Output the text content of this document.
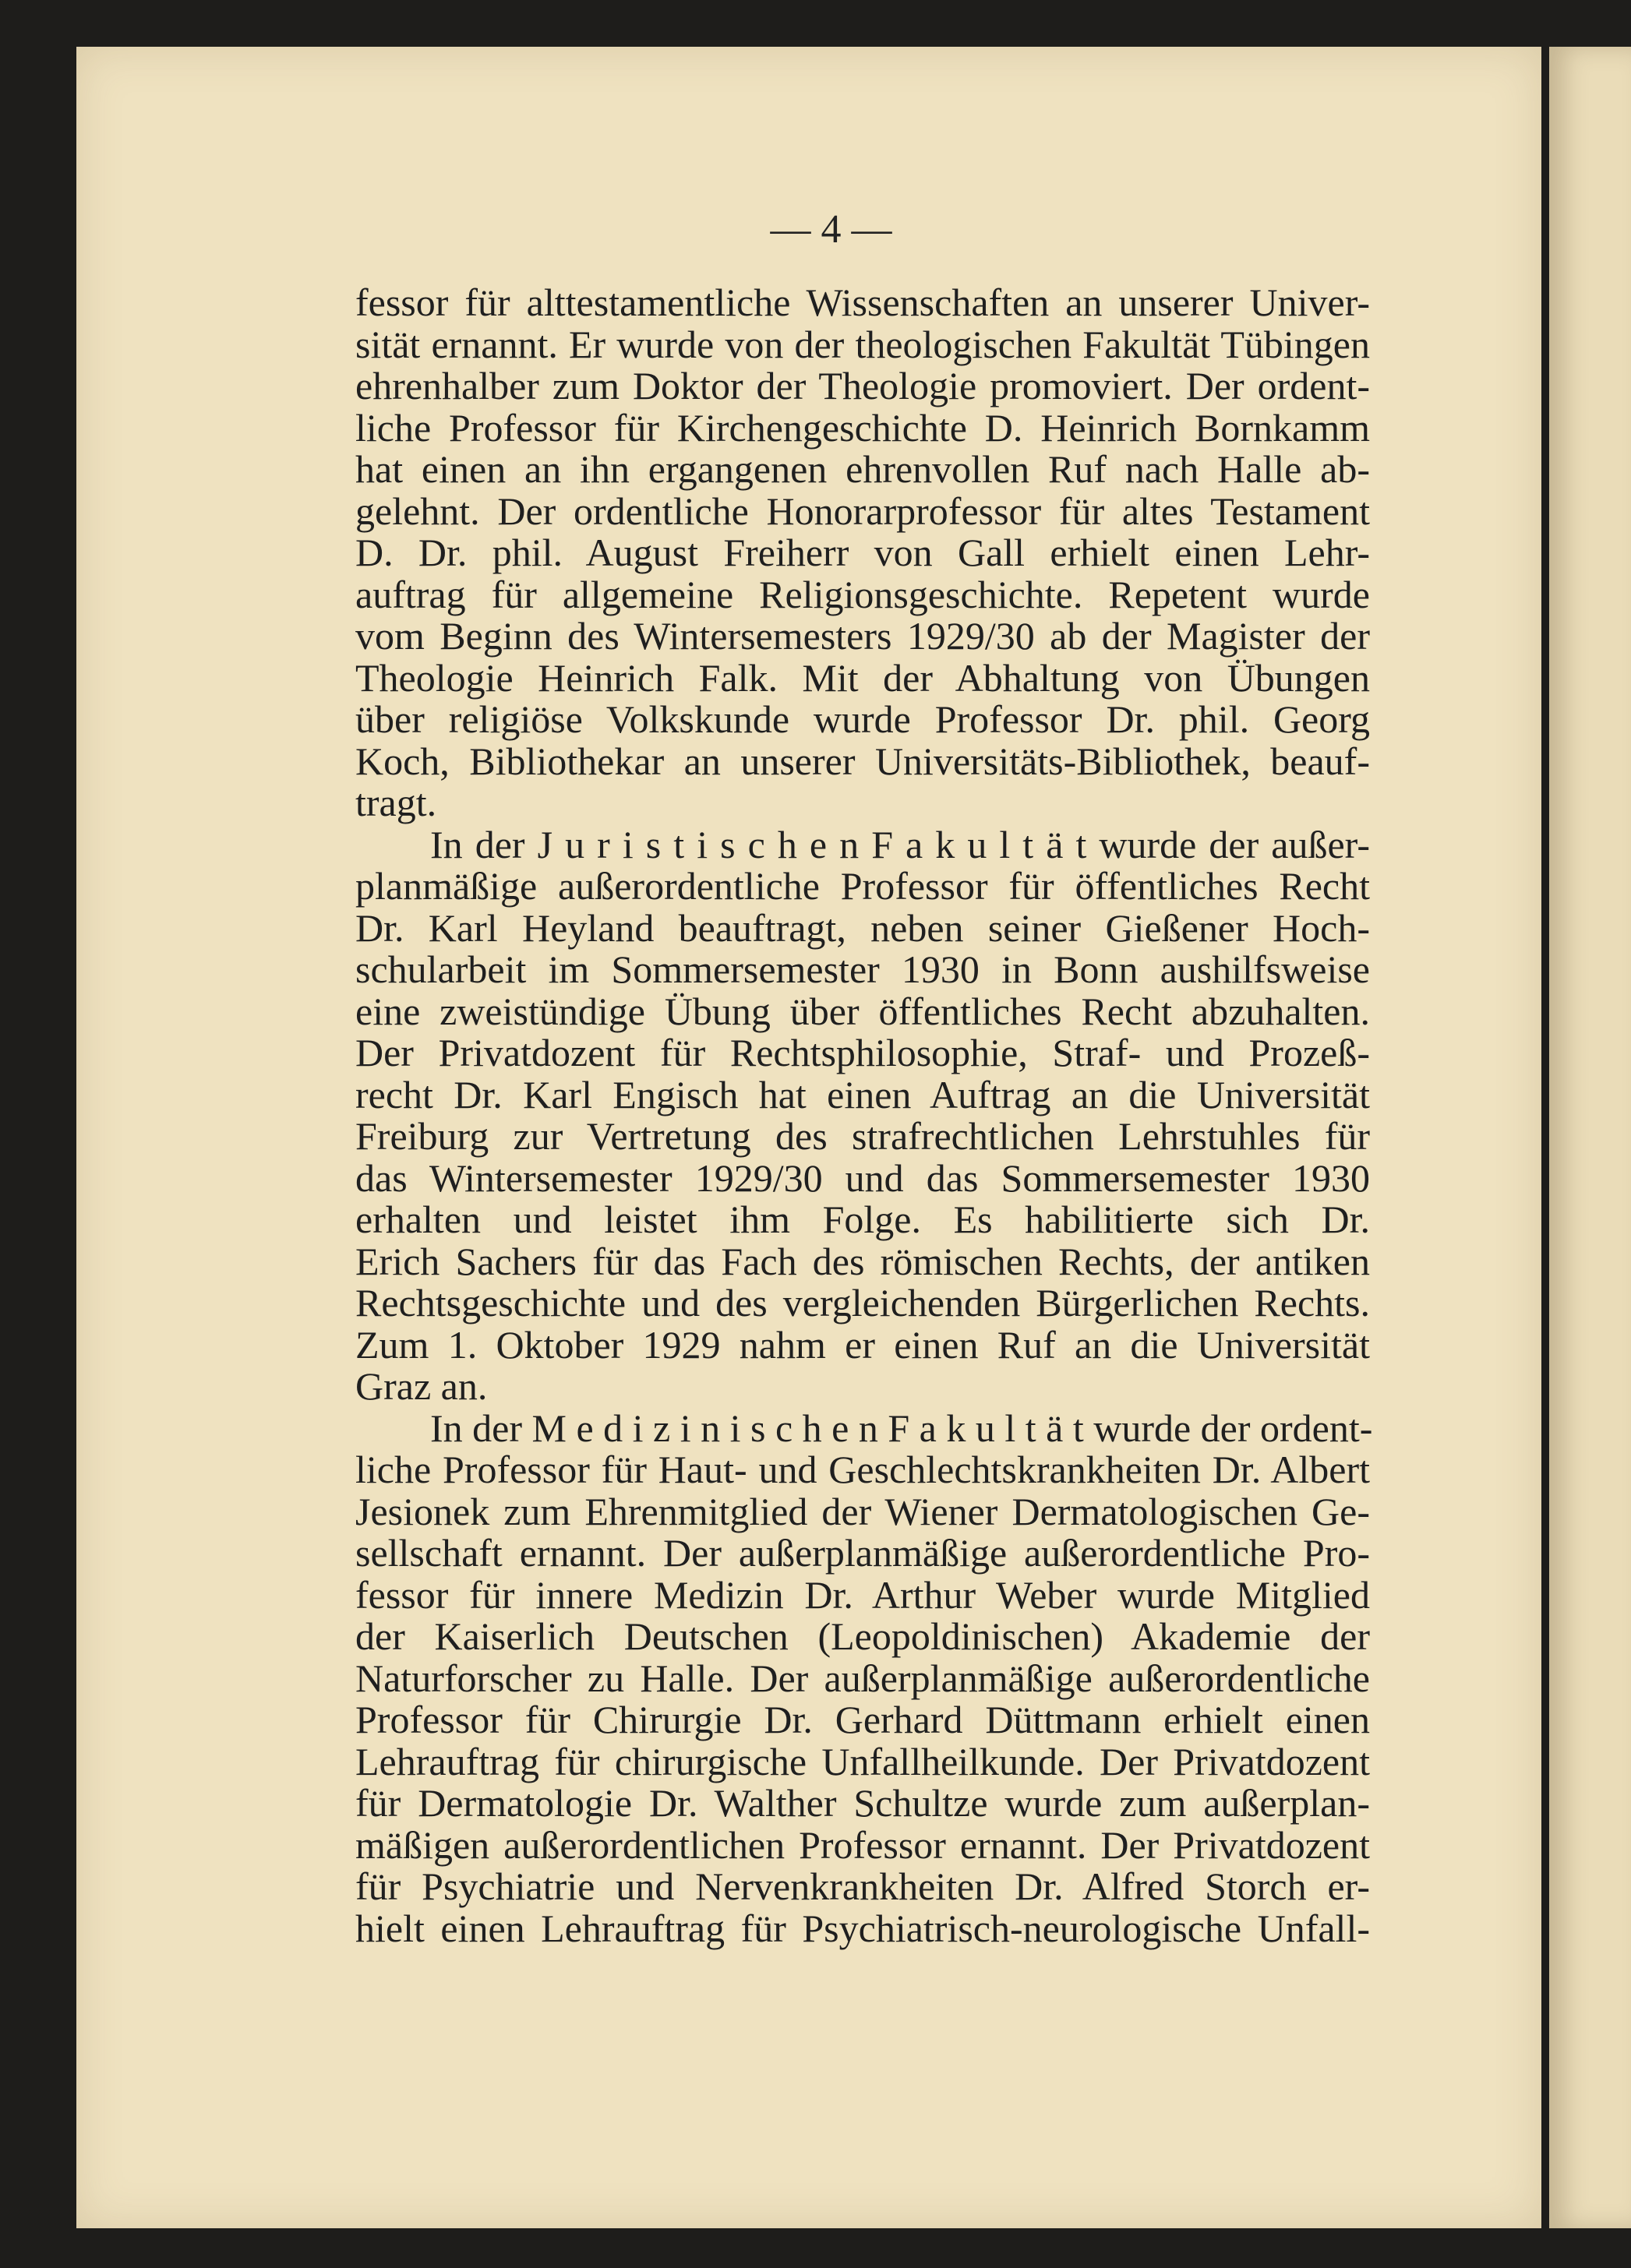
— 4 —
fessor für alttestamentliche Wissenschaften an unserer Univer-
sität ernannt. Er wurde von der theologischen Fakultät Tübingen
ehrenhalber zum Doktor der Theologie promoviert. Der ordent-
liche Professor für Kirchengeschichte D. Heinrich Bornkamm
hat einen an ihn ergangenen ehrenvollen Ruf nach Halle ab-
gelehnt. Der ordentliche Honorarprofessor für altes Testament
D. Dr. phil. August Freiherr von Gall erhielt einen Lehr-
auftrag für allgemeine Religionsgeschichte. Repetent wurde
vom Beginn des Wintersemesters 1929/30 ab der Magister der
Theologie Heinrich Falk. Mit der Abhaltung von Übungen
über religiöse Volkskunde wurde Professor Dr. phil. Georg
Koch, Bibliothekar an unserer Universitäts-Bibliothek, beauf-
tragt.
In der J u r i s t i s c h e n F a k u l t ä t wurde der außer-
planmäßige außerordentliche Professor für öffentliches Recht
Dr. Karl Heyland beauftragt, neben seiner Gießener Hoch-
schularbeit im Sommersemester 1930 in Bonn aushilfsweise
eine zweistündige Übung über öffentliches Recht abzuhalten.
Der Privatdozent für Rechtsphilosophie, Straf- und Prozeß-
recht Dr. Karl Engisch hat einen Auftrag an die Universität
Freiburg zur Vertretung des strafrechtlichen Lehrstuhles für
das Wintersemester 1929/30 und das Sommersemester 1930
erhalten und leistet ihm Folge. Es habilitierte sich Dr.
Erich Sachers für das Fach des römischen Rechts, der antiken
Rechtsgeschichte und des vergleichenden Bürgerlichen Rechts.
Zum 1. Oktober 1929 nahm er einen Ruf an die Universität
Graz an.
In der M e d i z i n i s c h e n F a k u l t ä t wurde der ordent-
liche Professor für Haut- und Geschlechtskrankheiten Dr. Albert
Jesionek zum Ehrenmitglied der Wiener Dermatologischen Ge-
sellschaft ernannt. Der außerplanmäßige außerordentliche Pro-
fessor für innere Medizin Dr. Arthur Weber wurde Mitglied
der Kaiserlich Deutschen (Leopoldinischen) Akademie der
Naturforscher zu Halle. Der außerplanmäßige außerordentliche
Professor für Chirurgie Dr. Gerhard Düttmann erhielt einen
Lehrauftrag für chirurgische Unfallheilkunde. Der Privatdozent
für Dermatologie Dr. Walther Schultze wurde zum außerplan-
mäßigen außerordentlichen Professor ernannt. Der Privatdozent
für Psychiatrie und Nervenkrankheiten Dr. Alfred Storch er-
hielt einen Lehrauftrag für Psychiatrisch-neurologische Unfall-
